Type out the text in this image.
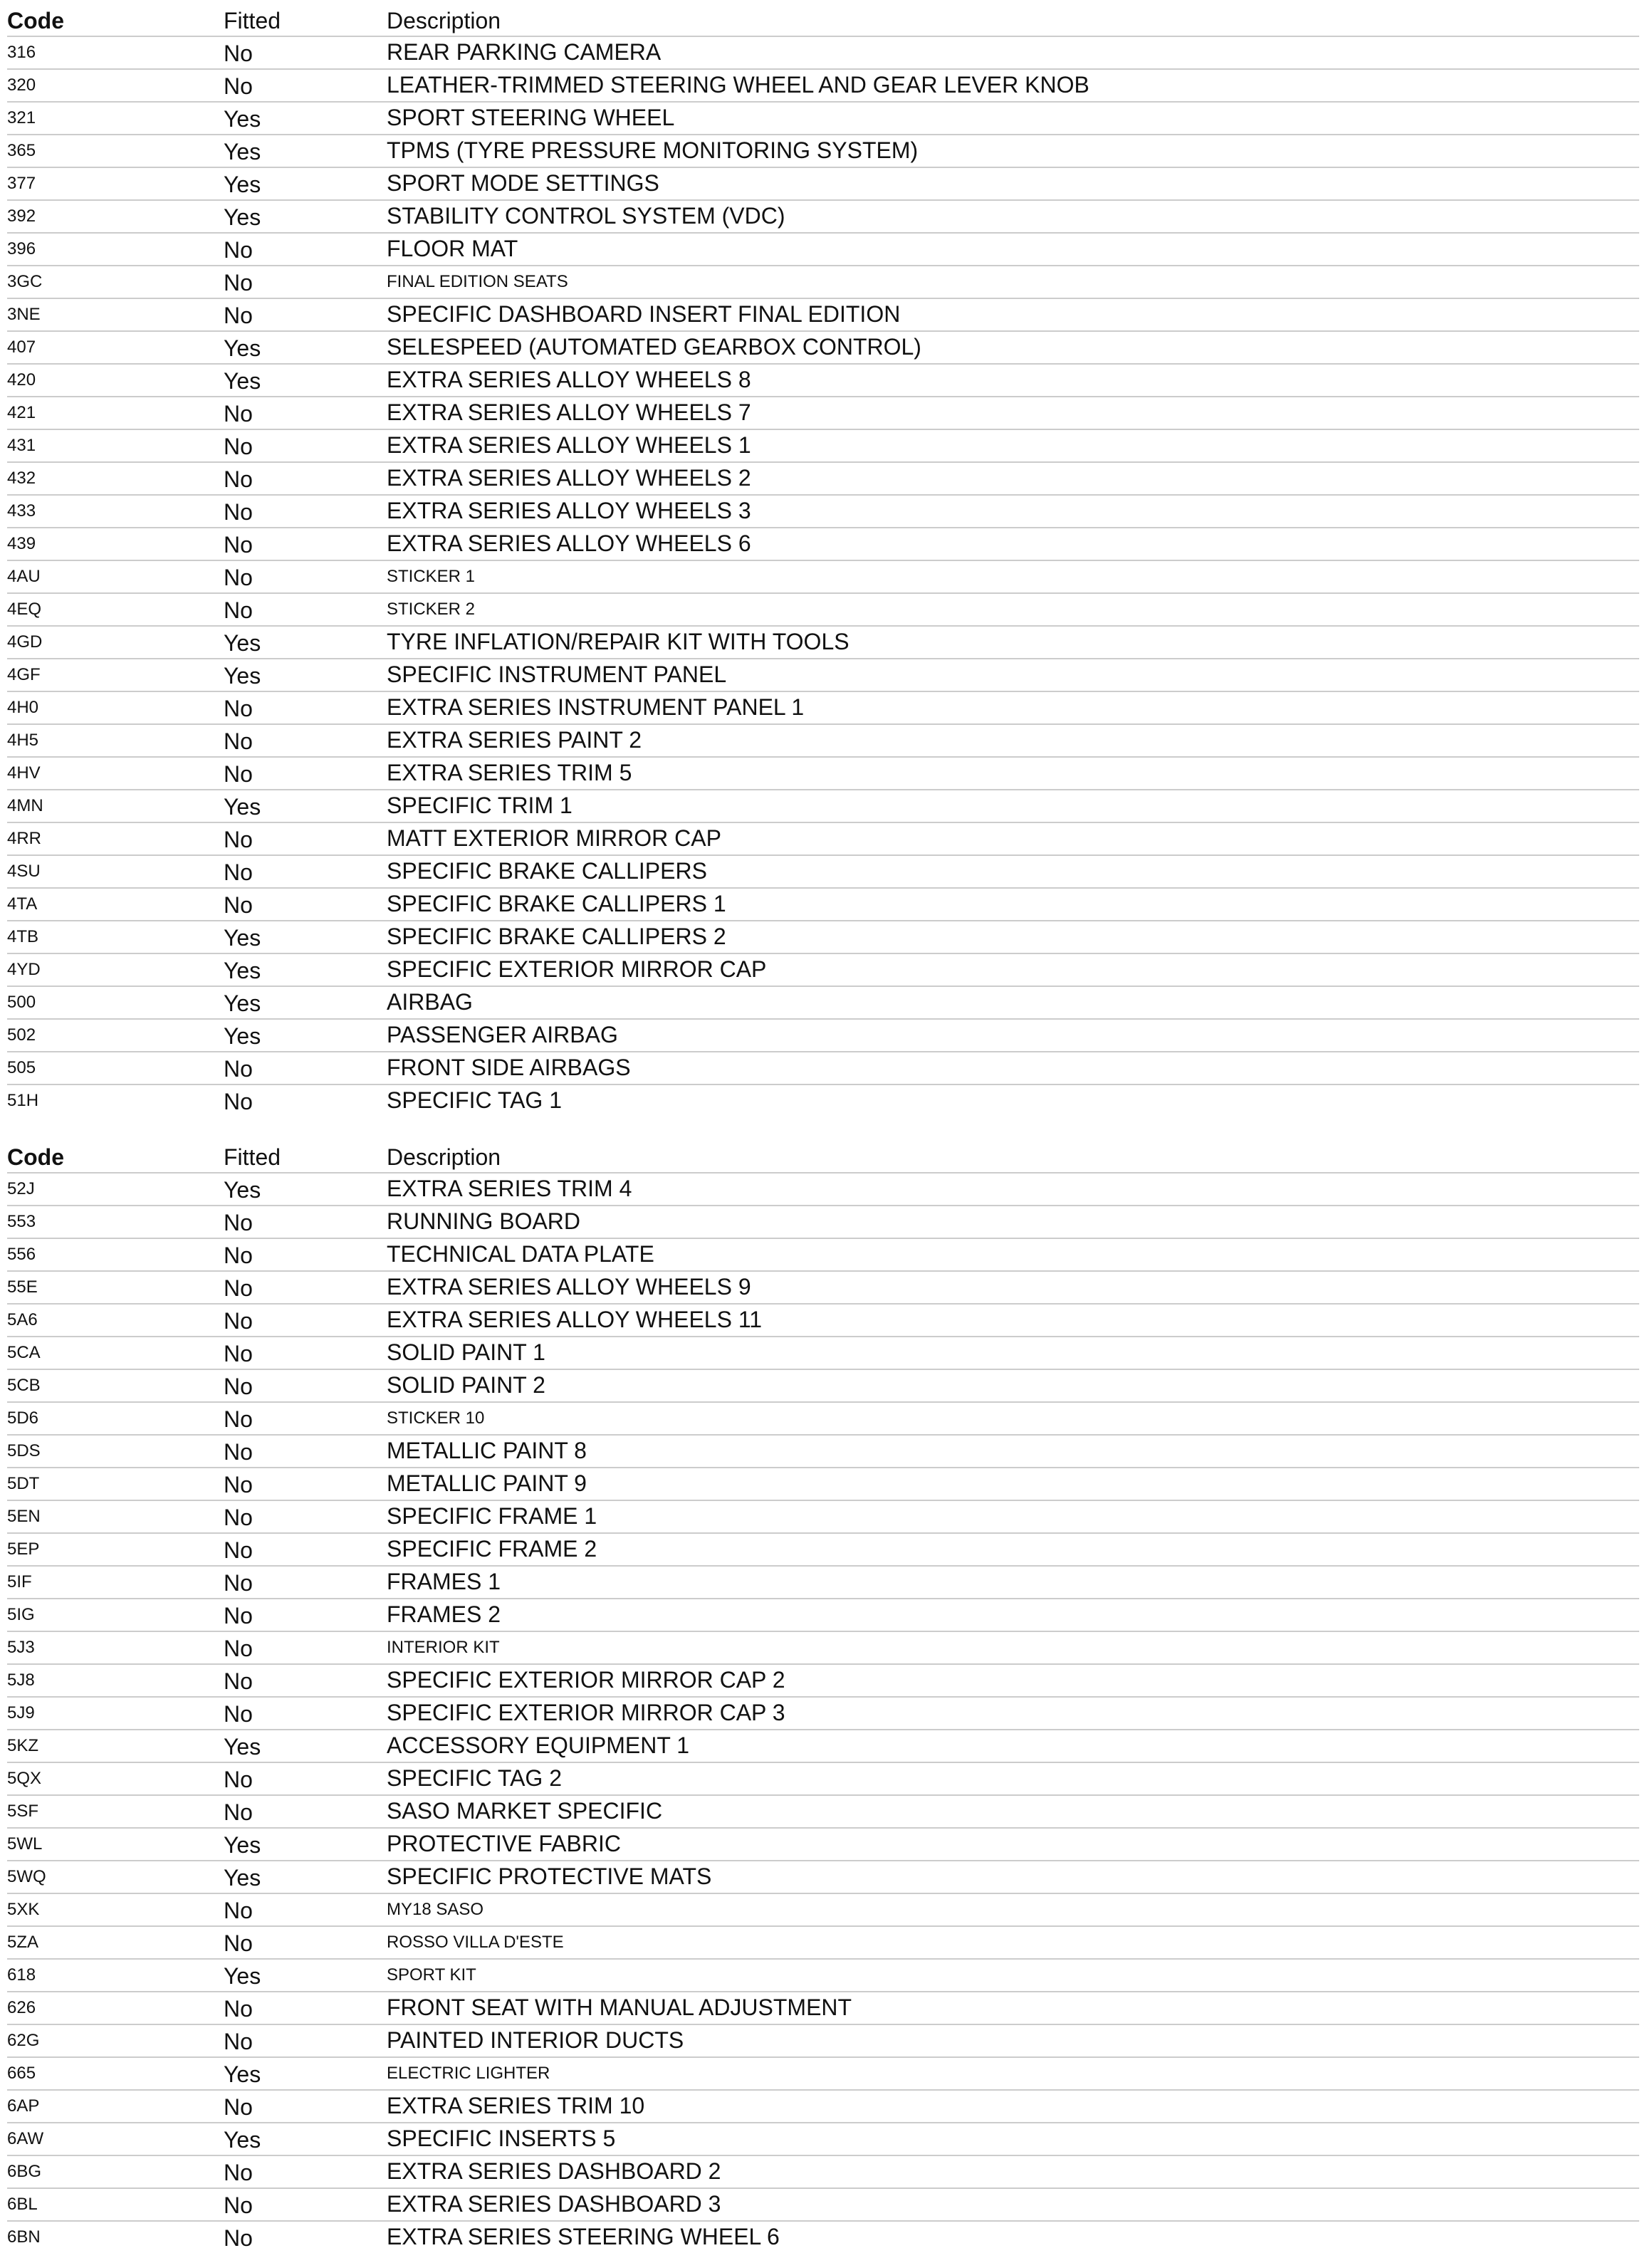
Code	Fitted	Description
316	No	REAR PARKING CAMERA
320	No	LEATHER-TRIMMED STEERING WHEEL AND GEAR LEVER KNOB
321	Yes	SPORT STEERING WHEEL
365	Yes	TPMS (TYRE PRESSURE MONITORING SYSTEM)
377	Yes	SPORT MODE SETTINGS
392	Yes	STABILITY CONTROL SYSTEM (VDC)
396	No	FLOOR MAT
3GC	No	FINAL EDITION SEATS
3NE	No	SPECIFIC DASHBOARD INSERT FINAL EDITION
407	Yes	SELESPEED (AUTOMATED GEARBOX CONTROL)
420	Yes	EXTRA SERIES ALLOY WHEELS 8
421	No	EXTRA SERIES ALLOY WHEELS 7
431	No	EXTRA SERIES ALLOY WHEELS 1
432	No	EXTRA SERIES ALLOY WHEELS 2
433	No	EXTRA SERIES ALLOY WHEELS 3
439	No	EXTRA SERIES ALLOY WHEELS 6
4AU	No	STICKER 1
4EQ	No	STICKER 2
4GD	Yes	TYRE INFLATION/REPAIR KIT WITH TOOLS
4GF	Yes	SPECIFIC INSTRUMENT PANEL
4H0	No	EXTRA SERIES INSTRUMENT PANEL 1
4H5	No	EXTRA SERIES PAINT 2
4HV	No	EXTRA SERIES TRIM 5
4MN	Yes	SPECIFIC TRIM 1
4RR	No	MATT EXTERIOR MIRROR CAP
4SU	No	SPECIFIC BRAKE CALLIPERS
4TA	No	SPECIFIC BRAKE CALLIPERS 1
4TB	Yes	SPECIFIC BRAKE CALLIPERS 2
4YD	Yes	SPECIFIC EXTERIOR MIRROR CAP
500	Yes	AIRBAG
502	Yes	PASSENGER AIRBAG
505	No	FRONT SIDE AIRBAGS
51H	No	SPECIFIC TAG 1
Code	Fitted	Description
52J	Yes	EXTRA SERIES TRIM 4
553	No	RUNNING BOARD
556	No	TECHNICAL DATA PLATE
55E	No	EXTRA SERIES ALLOY WHEELS 9
5A6	No	EXTRA SERIES ALLOY WHEELS 11
5CA	No	SOLID PAINT 1
5CB	No	SOLID PAINT 2
5D6	No	STICKER 10
5DS	No	METALLIC PAINT 8
5DT	No	METALLIC PAINT 9
5EN	No	SPECIFIC FRAME 1
5EP	No	SPECIFIC FRAME 2
5IF	No	FRAMES 1
5IG	No	FRAMES 2
5J3	No	INTERIOR KIT
5J8	No	SPECIFIC EXTERIOR MIRROR CAP 2
5J9	No	SPECIFIC EXTERIOR MIRROR CAP 3
5KZ	Yes	ACCESSORY EQUIPMENT 1
5QX	No	SPECIFIC TAG 2
5SF	No	SASO MARKET SPECIFIC
5WL	Yes	PROTECTIVE FABRIC
5WQ	Yes	SPECIFIC PROTECTIVE MATS
5XK	No	MY18 SASO
5ZA	No	ROSSO VILLA D'ESTE
618	Yes	SPORT KIT
626	No	FRONT SEAT WITH MANUAL ADJUSTMENT
62G	No	PAINTED INTERIOR DUCTS
665	Yes	ELECTRIC LIGHTER
6AP	No	EXTRA SERIES TRIM 10
6AW	Yes	SPECIFIC INSERTS 5
6BG	No	EXTRA SERIES DASHBOARD 2
6BL	No	EXTRA SERIES DASHBOARD 3
6BN	No	EXTRA SERIES STEERING WHEEL 6
